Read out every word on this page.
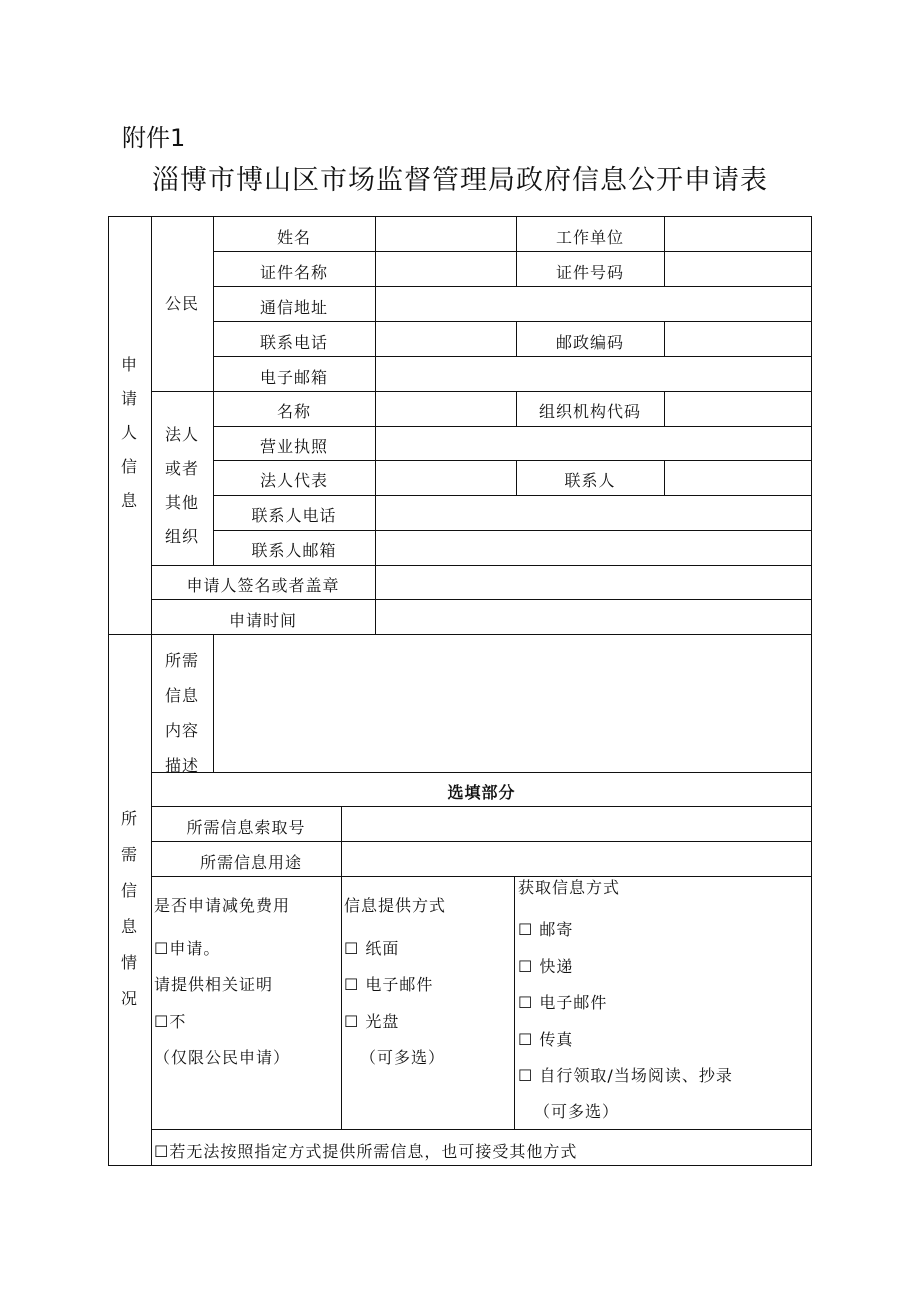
附件1
淄博市博山区市场监督管理局政府信息公开申请表
申
请
人
信
息
公民
姓名	工作单位
证件名称	证件号码
通信地址
联系电话	邮政编码
电子邮箱
法人
或者
其他
组织
名称	组织机构代码
营业执照
法人代表	联系人
联系人电话
联系人邮箱
申请人签名或者盖章
申请时间
所
需
信
息
情
况
所需
信息
内容
描述
选填部分
所需信息索取号
所需信息用途
是否申请减免费用
☐申请。
请提供相关证明
☐不
（仅限公民申请）
信息提供方式
☐ 纸面
☐ 电子邮件
☐ 光盘
（可多选）
获取信息方式
☐ 邮寄
☐ 快递
☐ 电子邮件
☐ 传真
☐ 自行领取/当场阅读、抄录
（可多选）
☐若无法按照指定方式提供所需信息，也可接受其他方式
